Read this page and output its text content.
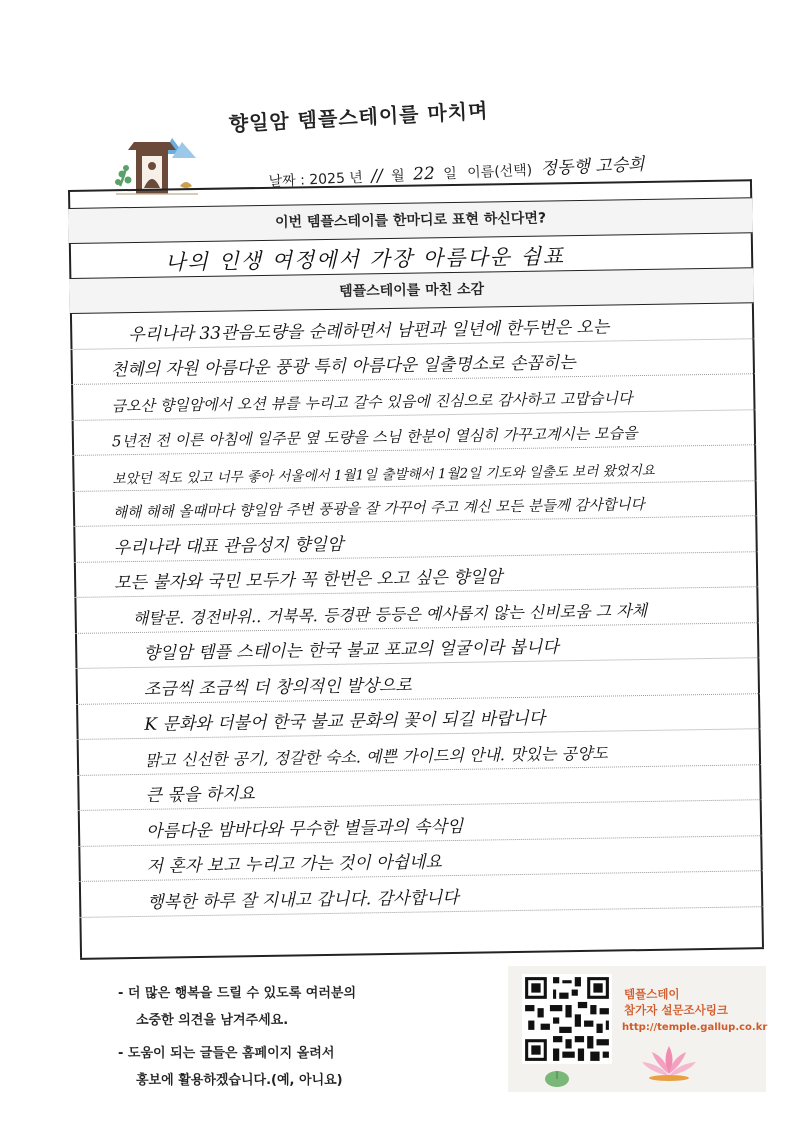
향일암 템플스테이를 마치며
날짜 : 2025 년 // 월 22 일 이름(선택) 정동행 고승희
이번 템플스테이를 한마디로 표현 하신다면?
나의 인생 여정에서 가장 아름다운 쉼표
템플스테이를 마친 소감
우리나라 33관음도량을 순례하면서 남편과 일년에 한두번은 오는
천혜의 자원 아름다운 풍광 특히 아름다운 일출명소로 손꼽히는
금오산 향일암에서 오션 뷰를 누리고 갈수 있음에 진심으로 감사하고 고맙습니다
5년전 전 이른 아침에 일주문 옆 도량을 스님 한분이 열심히 가꾸고계시는 모습을
보았던 적도 있고 너무 좋아 서울에서 1월1일 출발해서 1월2일 기도와 일출도 보러 왔었지요
해해 해해 올때마다 향일암 주변 풍광을 잘 가꾸어 주고 계신 모든 분들께 감사합니다
우리나라 대표 관음성지 향일암
모든 불자와 국민 모두가 꼭 한번은 오고 싶은 향일암
해탈문. 경전바위.. 거북목. 등경판 등등은 예사롭지 않는 신비로움 그 자체
향일암 템플 스테이는 한국 불교 포교의 얼굴이라 봅니다
조금씩 조금씩 더 창의적인 발상으로
K 문화와 더불어 한국 불교 문화의 꽃이 되길 바랍니다
맑고 신선한 공기, 정갈한 숙소. 예쁜 가이드의 안내. 맛있는 공양도
큰 몫을 하지요
아름다운 밤바다와 무수한 별들과의 속삭임
저 혼자 보고 누리고 가는 것이 아쉽네요
행복한 하루 잘 지내고 갑니다. 감사합니다
- 더 많은 행복을 드릴 수 있도록 여러분의
소중한 의견을 남겨주세요.
- 도움이 되는 글들은 홈페이지 올려서
홍보에 활용하겠습니다.(예, 아니요)
템플스테이
참가자 설문조사링크
http://temple.gallup.co.kr
